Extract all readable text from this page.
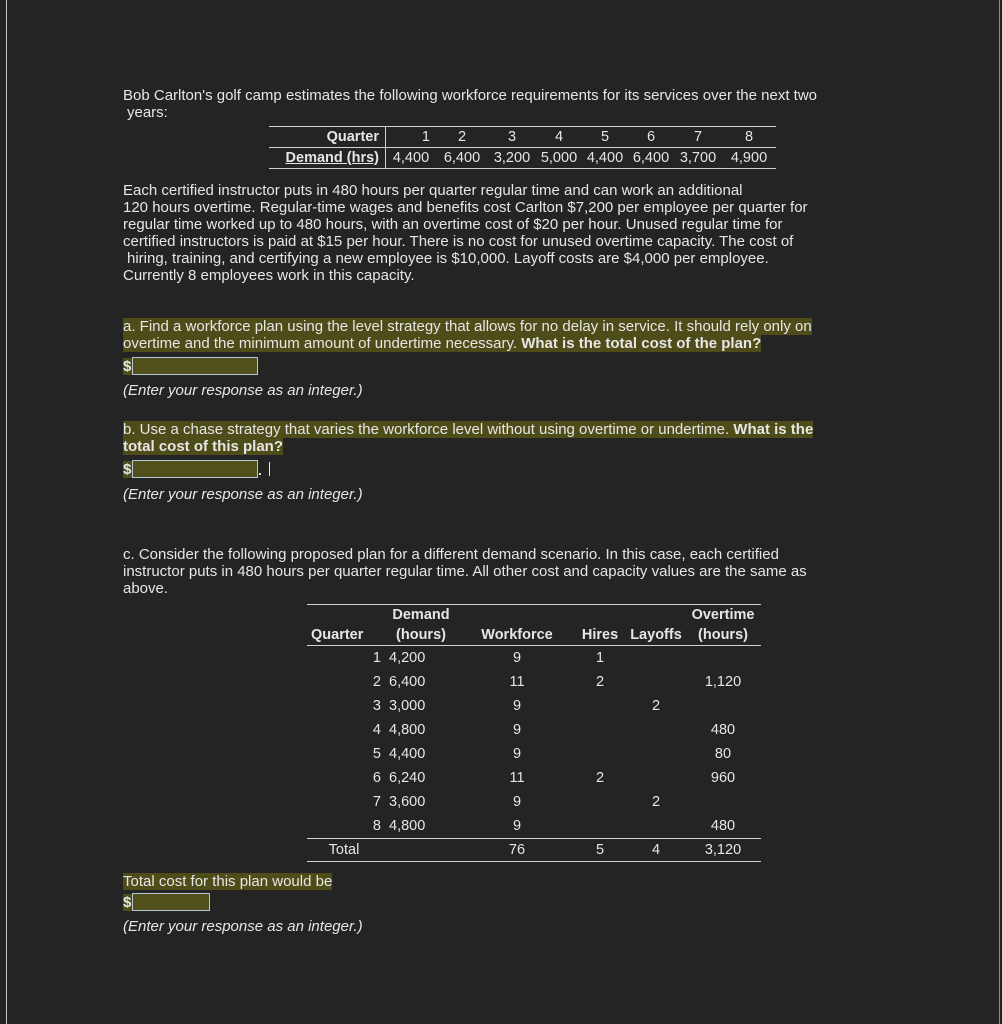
Bob Carlton's golf camp estimates the following workforce requirements for its services over the next two
years:

Quarter	1	2	3	4	5	6	7	8
Demand (hrs)	4,400	6,400	3,200	5,000	4,400	6,400	3,700	4,900

Each certified instructor puts in 480 hours per quarter regular time and can work an additional
120 hours overtime. Regular-time wages and benefits cost Carlton $7,200 per employee per quarter for
regular time worked up to 480 hours, with an overtime cost of $20 per hour. Unused regular time for
certified instructors is paid at $15 per hour. There is no cost for unused overtime capacity. The cost of
hiring, training, and certifying a new employee is $10,000. Layoff costs are $4,000 per employee.
Currently 8 employees work in this capacity.

a. Find a workforce plan using the level strategy that allows for no delay in service. It should rely only on
overtime and the minimum amount of undertime necessary. What is the total cost of the plan?

$

(Enter your response as an integer.)

b. Use a chase strategy that varies the workforce level without using overtime or undertime. What is the
total cost of this plan?

$

(Enter your response as an integer.)

c. Consider the following proposed plan for a different demand scenario. In this case, each certified
instructor puts in 480 hours per quarter regular time. All other cost and capacity values are the same as
above.

	Demand				Overtime
Quarter	(hours)	Workforce	Hires	Layoffs	(hours)
1	4,200	9	1		
2	6,400	11	2		1,120
3	3,000	9		2	
4	4,800	9			480
5	4,400	9			80
6	6,240	11	2		960
7	3,600	9		2	
8	4,800	9			480
Total		76	5	4	3,120

Total cost for this plan would be

$

(Enter your response as an integer.)
